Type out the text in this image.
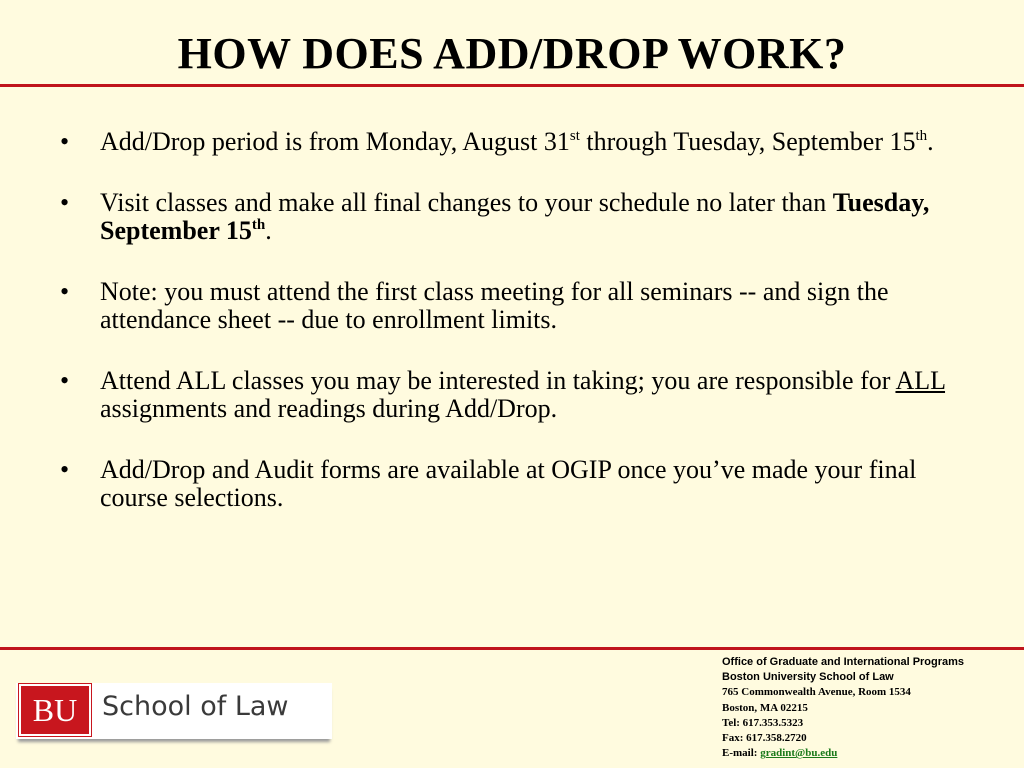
HOW DOES ADD/DROP WORK?
• Add/Drop period is from Monday, August 31st through Tuesday, September 15th.
• Visit classes and make all final changes to your schedule no later than Tuesday, September 15th.
• Note: you must attend the first class meeting for all seminars -- and sign the attendance sheet -- due to enrollment limits.
• Attend ALL classes you may be interested in taking; you are responsible for ALL assignments and readings during Add/Drop.
• Add/Drop and Audit forms are available at OGIP once you’ve made your final course selections.
BU School of Law
Office of Graduate and International Programs
Boston University School of Law
765 Commonwealth Avenue, Room 1534
Boston, MA 02215
Tel: 617.353.5323
Fax: 617.358.2720
E-mail: gradint@bu.edu
